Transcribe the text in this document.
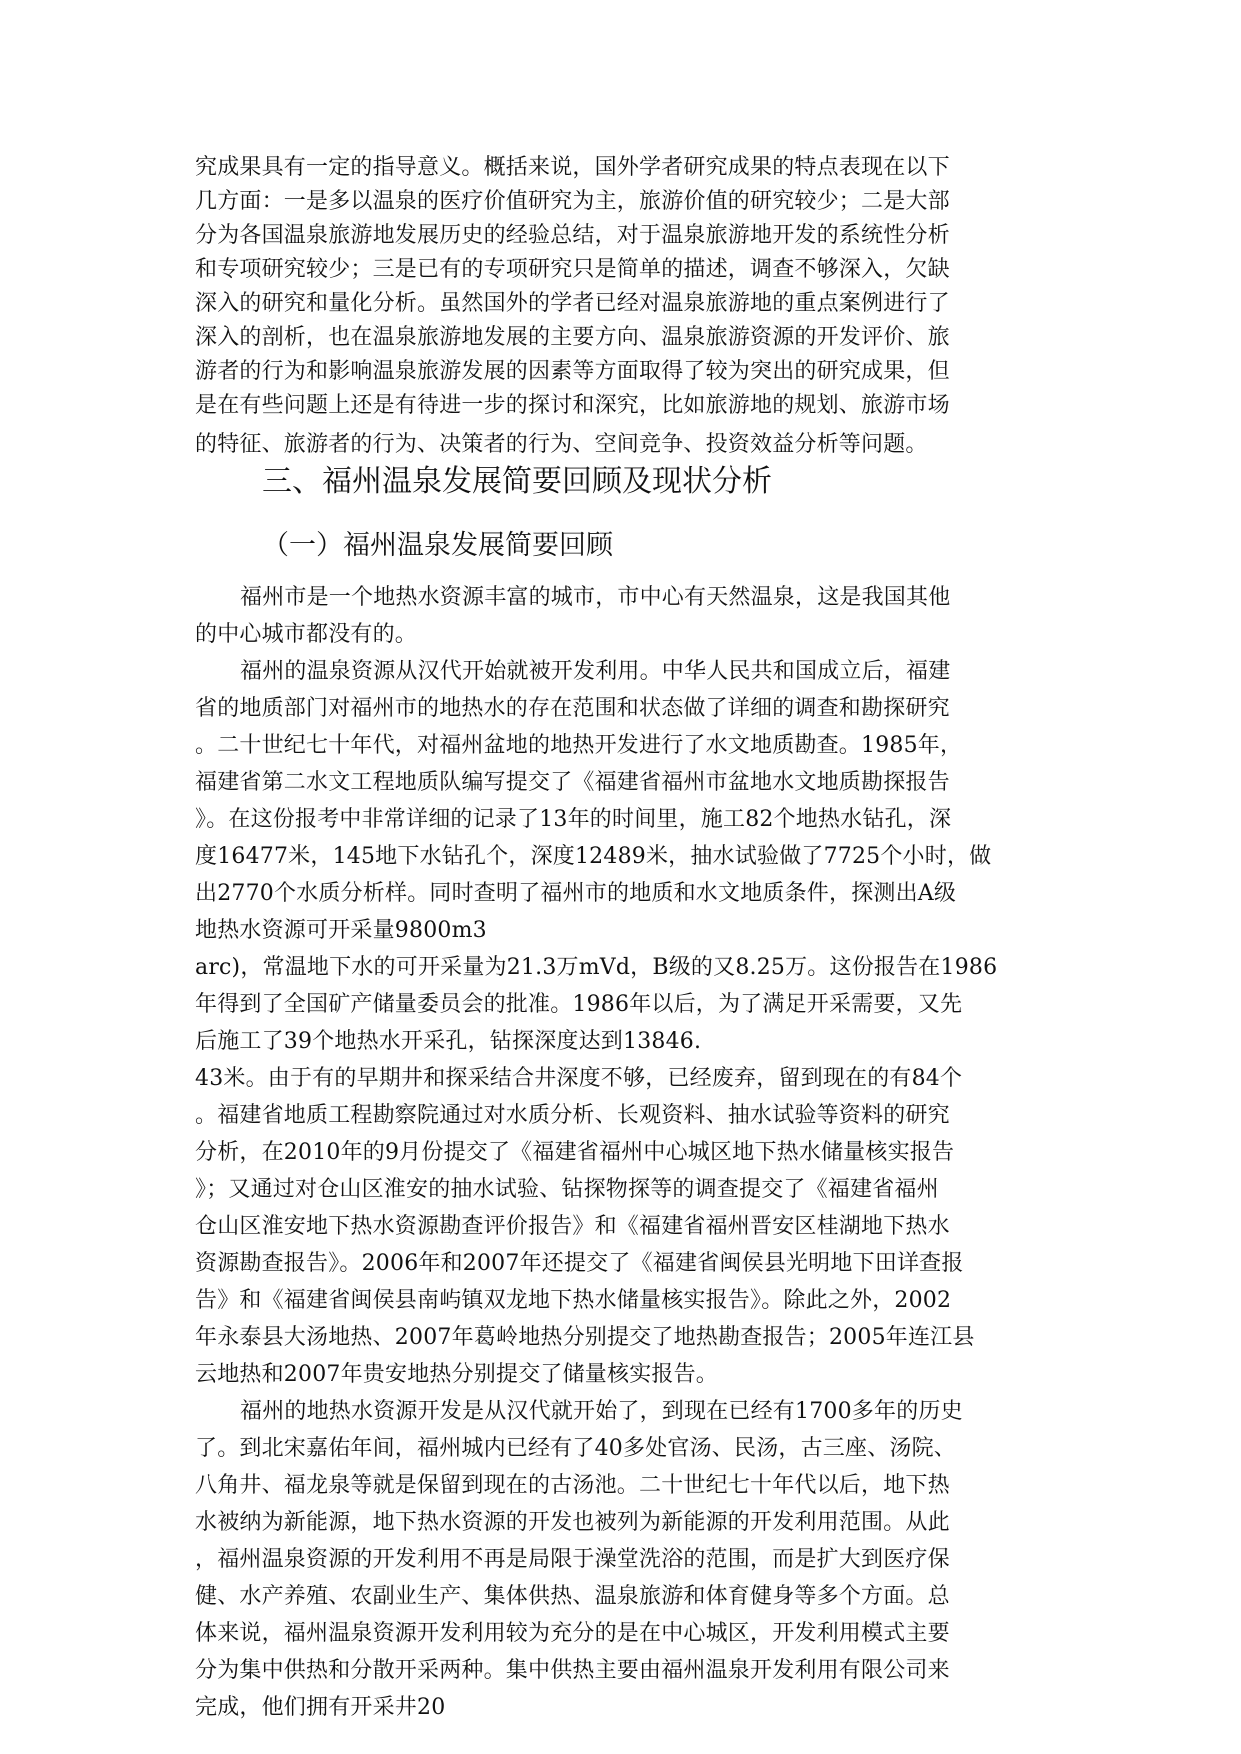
究成果具有一定的指导意义。概括来说，国外学者研究成果的特点表现在以下
几方面：一是多以温泉的医疗价值研究为主，旅游价值的研究较少；二是大部
分为各国温泉旅游地发展历史的经验总结，对于温泉旅游地开发的系统性分析
和专项研究较少；三是已有的专项研究只是简单的描述，调查不够深入，欠缺
深入的研究和量化分析。虽然国外的学者已经对温泉旅游地的重点案例进行了
深入的剖析，也在温泉旅游地发展的主要方向、温泉旅游资源的开发评价、旅
游者的行为和影响温泉旅游发展的因素等方面取得了较为突出的研究成果，但
是在有些问题上还是有待进一步的探讨和深究，比如旅游地的规划、旅游市场
三、福州温泉发展简要回顾及现状分析
（一）福州温泉发展简要回顾
福州市是一个地热水资源丰富的城市，市中心有天然温泉，这是我国其他
的中心城市都没有的。
福州的温泉资源从汉代开始就被开发利用。中华人民共和国成立后，福建
省的地质部门对福州市的地热水的存在范围和状态做了详细的调查和勘探研究
。二十世纪七十年代，对福州盆地的地热开发进行了水文地质勘查。1985年，
福建省第二水文工程地质队编写提交了《福建省福州市盆地水文地质勘探报告
》。在这份报考中非常详细的记录了13年的时间里，施工82个地热水钻孔，深
度16477米，145地下水钻孔个，深度12489米，抽水试验做了7725个小时，做
出2770个水质分析样。同时查明了福州市的地质和水文地质条件，探测出A级
地热水资源可开采量9800m3
arc)，常温地下水的可开采量为21.3万mVd，B级的又8.25万。这份报告在1986
年得到了全国矿产储量委员会的批准。1986年以后，为了满足开采需要，又先
后施工了39个地热水开采孔，钻探深度达到13846.
43米。由于有的早期井和探采结合井深度不够，已经废弃，留到现在的有84个
。福建省地质工程勘察院通过对水质分析、长观资料、抽水试验等资料的研究
分析，在2010年的9月份提交了《福建省福州中心城区地下热水储量核实报告
》；又通过对仓山区淮安的抽水试验、钻探物探等的调查提交了《福建省福州
仓山区淮安地下热水资源勘查评价报告》和《福建省福州晋安区桂湖地下热水
资源勘查报告》。2006年和2007年还提交了《福建省闽侯县光明地下田详查报
告》和《福建省闽侯县南屿镇双龙地下热水储量核实报告》。除此之外，2002
年永泰县大汤地热、2007年葛岭地热分别提交了地热勘查报告；2005年连江县
云地热和2007年贵安地热分别提交了储量核实报告。
福州的地热水资源开发是从汉代就开始了，到现在已经有1700多年的历史
了。到北宋嘉佑年间，福州城内已经有了40多处官汤、民汤，古三座、汤院、
八角井、福龙泉等就是保留到现在的古汤池。二十世纪七十年代以后，地下热
水被纳为新能源，地下热水资源的开发也被列为新能源的开发利用范围。从此
，福州温泉资源的开发利用不再是局限于澡堂洗浴的范围，而是扩大到医疗保
健、水产养殖、农副业生产、集体供热、温泉旅游和体育健身等多个方面。总
体来说，福州温泉资源开发利用较为充分的是在中心城区，开发利用模式主要
分为集中供热和分散开采两种。集中供热主要由福州温泉开发利用有限公司来
完成，他们拥有开采井20
的特征、旅游者的行为、决策者的行为、空间竞争、投资效益分析等问题。
